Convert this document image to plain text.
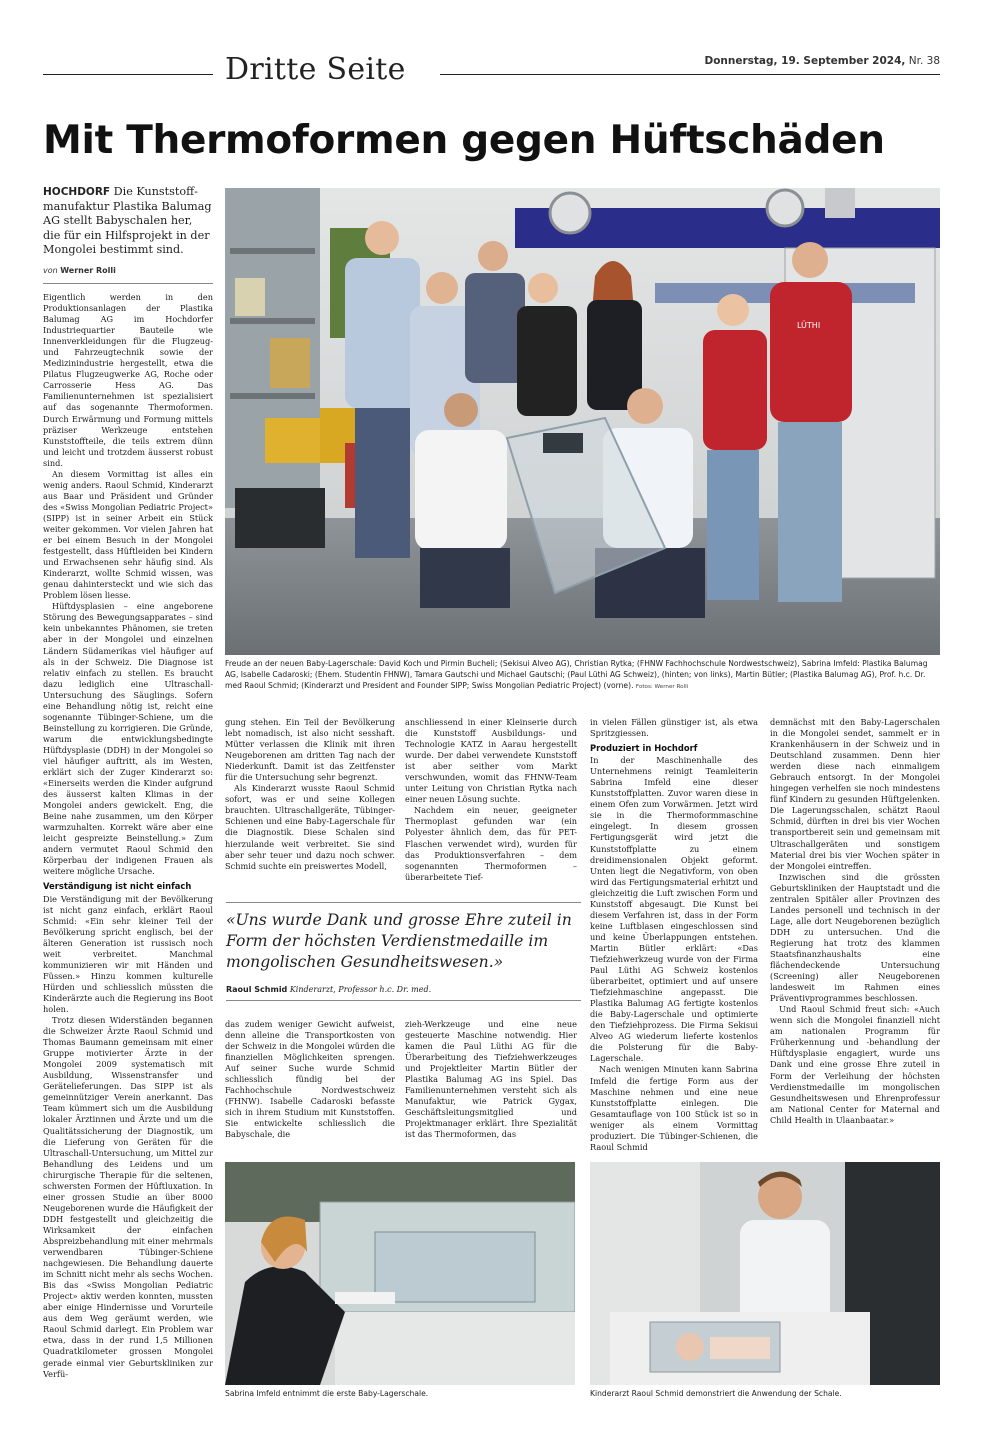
Dritte Seite	Donnerstag, 19. September 2024, Nr. 38
Mit Thermoformen gegen Hüftschäden
HOCHDORF Die Kunststoffmanufaktur Plastika Balumag AG stellt Babyschalen her, die für ein Hilfsprojekt in der Mongolei bestimmt sind.
von Werner Rolli

Eigentlich werden in den Produktionsanlagen der Plastika Balumag AG im Hochdorfer Industriequartier Bauteile wie Innenverkleidungen für die Flugzeug- und Fahrzeugtechnik sowie der Medizinindustrie hergestellt, etwa die Pilatus Flugzeugwerke AG, Roche oder Carrosserie Hess AG. Das Familienunternehmen ist spezialisiert auf das sogenannte Thermoformen. Durch Erwärmung und Formung mittels präziser Werkzeuge entstehen Kunststoffteile, die teils extrem dünn und leicht und trotzdem äusserst robust sind.

An diesem Vormittag ist alles ein wenig anders. Raoul Schmid, Kinderarzt aus Baar und Präsident und Gründer des «Swiss Mongolian Pediatric Project» (SIPP) ist in seiner Arbeit ein Stück weiter gekommen. Vor vielen Jahren hat er bei einem Besuch in der Mongolei festgestellt, dass Hüftleiden bei Kindern und Erwachsenen sehr häufig sind. Als Kinderarzt, wollte Schmid wissen, was genau dahintersteckt und wie sich das Problem lösen liesse.

Hüftdysplasien – eine angeborene Störung des Bewegungsapparates – sind kein unbekanntes Phänomen, sie treten aber in der Mongolei und einzelnen Ländern Südamerikas viel häufiger auf als in der Schweiz. Die Diagnose ist relativ einfach zu stellen. Es braucht dazu lediglich eine Ultraschall-Untersuchung des Säuglings. Sofern eine Behandlung nötig ist, reicht eine sogenannte Tübinger-Schiene, um die Beinstellung zu korrigieren. Die Gründe, warum die entwicklungsbedingte Hüftdysplasie (DDH) in der Mongolei so viel häufiger auftritt, als im Westen, erklärt sich der Zuger Kinderarzt so: «Einerseits werden die Kinder aufgrund des äusserst kalten Klimas in der Mongolei anders gewickelt. Eng, die Beine nahe zusammen, um den Körper warmzuhalten. Korrekt wäre aber eine leicht gespreizte Beinstellung.» Zum andern vermutet Raoul Schmid den Körperbau der indigenen Frauen als weitere mögliche Ursache.

Verständigung ist nicht einfach

Die Verständigung mit der Bevölkerung ist nicht ganz einfach, erklärt Raoul Schmid: «Ein sehr kleiner Teil der Bevölkerung spricht englisch, bei der älteren Generation ist russisch noch weit verbreitet. Manchmal kommunizieren wir mit Händen und Füssen.» Hinzu kommen kulturelle Hürden und schliesslich müssten die Kinderärzte auch die Regierung ins Boot holen.

Trotz diesen Widerständen begannen die Schweizer Ärzte Raoul Schmid und Thomas Baumann gemeinsam mit einer Gruppe motivierter Ärzte in der Mongolei 2009 systematisch mit Ausbildung, Wissenstransfer und Gerätelieferungen. Das SIPP ist als gemeinnütziger Verein anerkannt. Das Team kümmert sich um die Ausbildung lokaler Ärztinnen und Ärzte und um die Qualitätssicherung der Diagnostik, um die Lieferung von Geräten für die Ultraschall-Untersuchung, um Mittel zur Behandlung des Leidens und um chirurgische Therapie für die seltenen, schwersten Formen der Hüftluxation. In einer grossen Studie an über 8000 Neugeborenen wurde die Häufigkeit der DDH festgestellt und gleichzeitig die Wirksamkeit der einfachen Abspreizbehandlung mit einer mehrmals verwendbaren Tübinger-Schiene nachgewiesen. Die Behandlung dauerte im Schnitt nicht mehr als sechs Wochen. Bis das «Swiss Mongolian Pediatric Project» aktiv werden konnten, mussten aber einige Hindernisse und Vorurteile aus dem Weg geräumt werden, wie Raoul Schmid darlegt. Ein Problem war etwa, dass in der rund 1,5 Millionen Quadratkilometer grossen Mongolei gerade einmal vier Geburtskliniken zur Verfü-

LÜTHI
Freude an der neuen Baby-Lagerschale: David Koch und Pirmin Bucheli; (Sekisui Alveo AG), Christian Rytka; (FHNW Fachhochschule Nordwestschweiz), Sabrina Imfeld: Plastika Balumag AG, Isabelle Cadaroski; (Ehem. Studentin FHNW), Tamara Gautschi und Michael Gautschi; (Paul Lüthi AG Schweiz), (hinten; von links), Martin Bütler; (Plastika Balumag AG), Prof. h.c. Dr. med Raoul Schmid; (Kinderarzt und President and Founder SIPP; Swiss Mongolian Pediatric Project) (vorne). Fotos: Werner Rolli

gung stehen. Ein Teil der Bevölkerung lebt nomadisch, ist also nicht sesshaft. Mütter verlassen die Klinik mit ihren Neugeborenen am dritten Tag nach der Niederkunft. Damit ist das Zeitfenster für die Untersuchung sehr begrenzt.

Als Kinderarzt wusste Raoul Schmid sofort, was er und seine Kollegen brauchten. Ultraschallgeräte, Tübinger-Schienen und eine Baby-Lagerschale für die Diagnostik. Diese Schalen sind hierzulande weit verbreitet. Sie sind aber sehr teuer und dazu noch schwer. Schmid suchte ein preiswertes Modell,

anschliessend in einer Kleinserie durch die Kunststoff Ausbildungs- und Technologie KATZ in Aarau hergestellt wurde. Der dabei verwendete Kunststoff ist aber seither vom Markt verschwunden, womit das FHNW-Team unter Leitung von Christian Rytka nach einer neuen Lösung suchte.

Nachdem ein neuer, geeigneter Thermoplast gefunden war (ein Polyester ähnlich dem, das für PET-Flaschen verwendet wird), wurden für das Produktionsverfahren – dem sogenannten Thermoformen – überarbeitete Tief-

«Uns wurde Dank und grosse Ehre zuteil in Form der höchsten Verdienstmedaille im mongolischen Gesundheitswesen.»
Raoul Schmid Kinderarzt, Professor h.c. Dr. med.

das zudem weniger Gewicht aufweist, denn alleine die Transportkosten von der Schweiz in die Mongolei würden die finanziellen Möglichkeiten sprengen. Auf seiner Suche wurde Schmid schliesslich fündig bei der Fachhochschule Nordwestschweiz (FHNW). Isabelle Cadaroski befasste sich in ihrem Studium mit Kunststoffen. Sie entwickelte schliesslich die Babyschale, die

zieh-Werkzeuge und eine neue gesteuerte Maschine notwendig. Hier kamen die Paul Lüthi AG für die Überarbeitung des Tiefziehwerkzeuges und Projektleiter Martin Bütler der Plastika Balumag AG ins Spiel. Das Familienunternehmen versteht sich als Manufaktur, wie Patrick Gygax, Geschäftsleitungsmitglied und Projektmanager erklärt. Ihre Spezialität ist das Thermoformen, das

in vielen Fällen günstiger ist, als etwa Spritzgiessen.

Produziert in Hochdorf

In der Maschinenhalle des Unternehmens reinigt Teamleiterin Sabrina Imfeld eine dieser Kunststoffplatten. Zuvor waren diese in einem Ofen zum Vorwärmen. Jetzt wird sie in die Thermoformmaschine eingelegt. In diesem grossen Fertigungsgerät wird jetzt die Kunststoffplatte zu einem dreidimensionalen Objekt geformt. Unten liegt die Negativform, von oben wird das Fertigungsmaterial erhitzt und gleichzeitig die Luft zwischen Form und Kunststoff abgesaugt. Die Kunst bei diesem Verfahren ist, dass in der Form keine Luftblasen eingeschlossen sind und keine Überlappungen entstehen. Martin Bütler erklärt: «Das Tiefziehwerkzeug wurde von der Firma Paul Lüthi AG Schweiz kostenlos überarbeitet, optimiert und auf unsere Tiefziehmaschine angepasst. Die Plastika Balumag AG fertigte kostenlos die Baby-Lagerschale und optimierte den Tiefziehprozess. Die Firma Sekisui Alveo AG wiederum lieferte kostenlos die Polsterung für die Baby-Lagerschale.

Nach wenigen Minuten kann Sabrina Imfeld die fertige Form aus der Maschine nehmen und eine neue Kunststoffplatte einlegen. Die Gesamtauflage von 100 Stück ist so in weniger als einem Vormittag produziert. Die Tübinger-Schienen, die Raoul Schmid

demnächst mit den Baby-Lagerschalen in die Mongolei sendet, sammelt er in Krankenhäusern in der Schweiz und in Deutschland zusammen. Denn hier werden diese nach einmaligem Gebrauch entsorgt. In der Mongolei hingegen verhelfen sie noch mindestens fünf Kindern zu gesunden Hüftgelenken. Die Lagerungsschalen, schätzt Raoul Schmid, dürften in drei bis vier Wochen transportbereit sein und gemeinsam mit Ultraschallgeräten und sonstigem Material drei bis vier Wochen später in der Mongolei eintreffen.

Inzwischen sind die grössten Geburtskliniken der Hauptstadt und die zentralen Spitäler aller Provinzen des Landes personell und technisch in der Lage, alle dort Neugeborenen bezüglich DDH zu untersuchen. Und die Regierung hat trotz des klammen Staatsfinanzhaushalts eine flächendeckende Untersuchung (Screening) aller Neugeborenen landesweit im Rahmen eines Präventivprogrammes beschlossen.

Und Raoul Schmid freut sich: «Auch wenn sich die Mongolei finanziell nicht am nationalen Programm für Früherkennung und -behandlung der Hüftdysplasie engagiert, wurde uns Dank und eine grosse Ehre zuteil in Form der Verleihung der höchsten Verdienstmedaille im mongolischen Gesundheitswesen und Ehrenprofessur am National Center for Maternal and Child Health in Ulaanbaatar.»

Sabrina Imfeld entnimmt die erste Baby-Lagerschale.	Kinderarzt Raoul Schmid demonstriert die Anwendung der Schale.
